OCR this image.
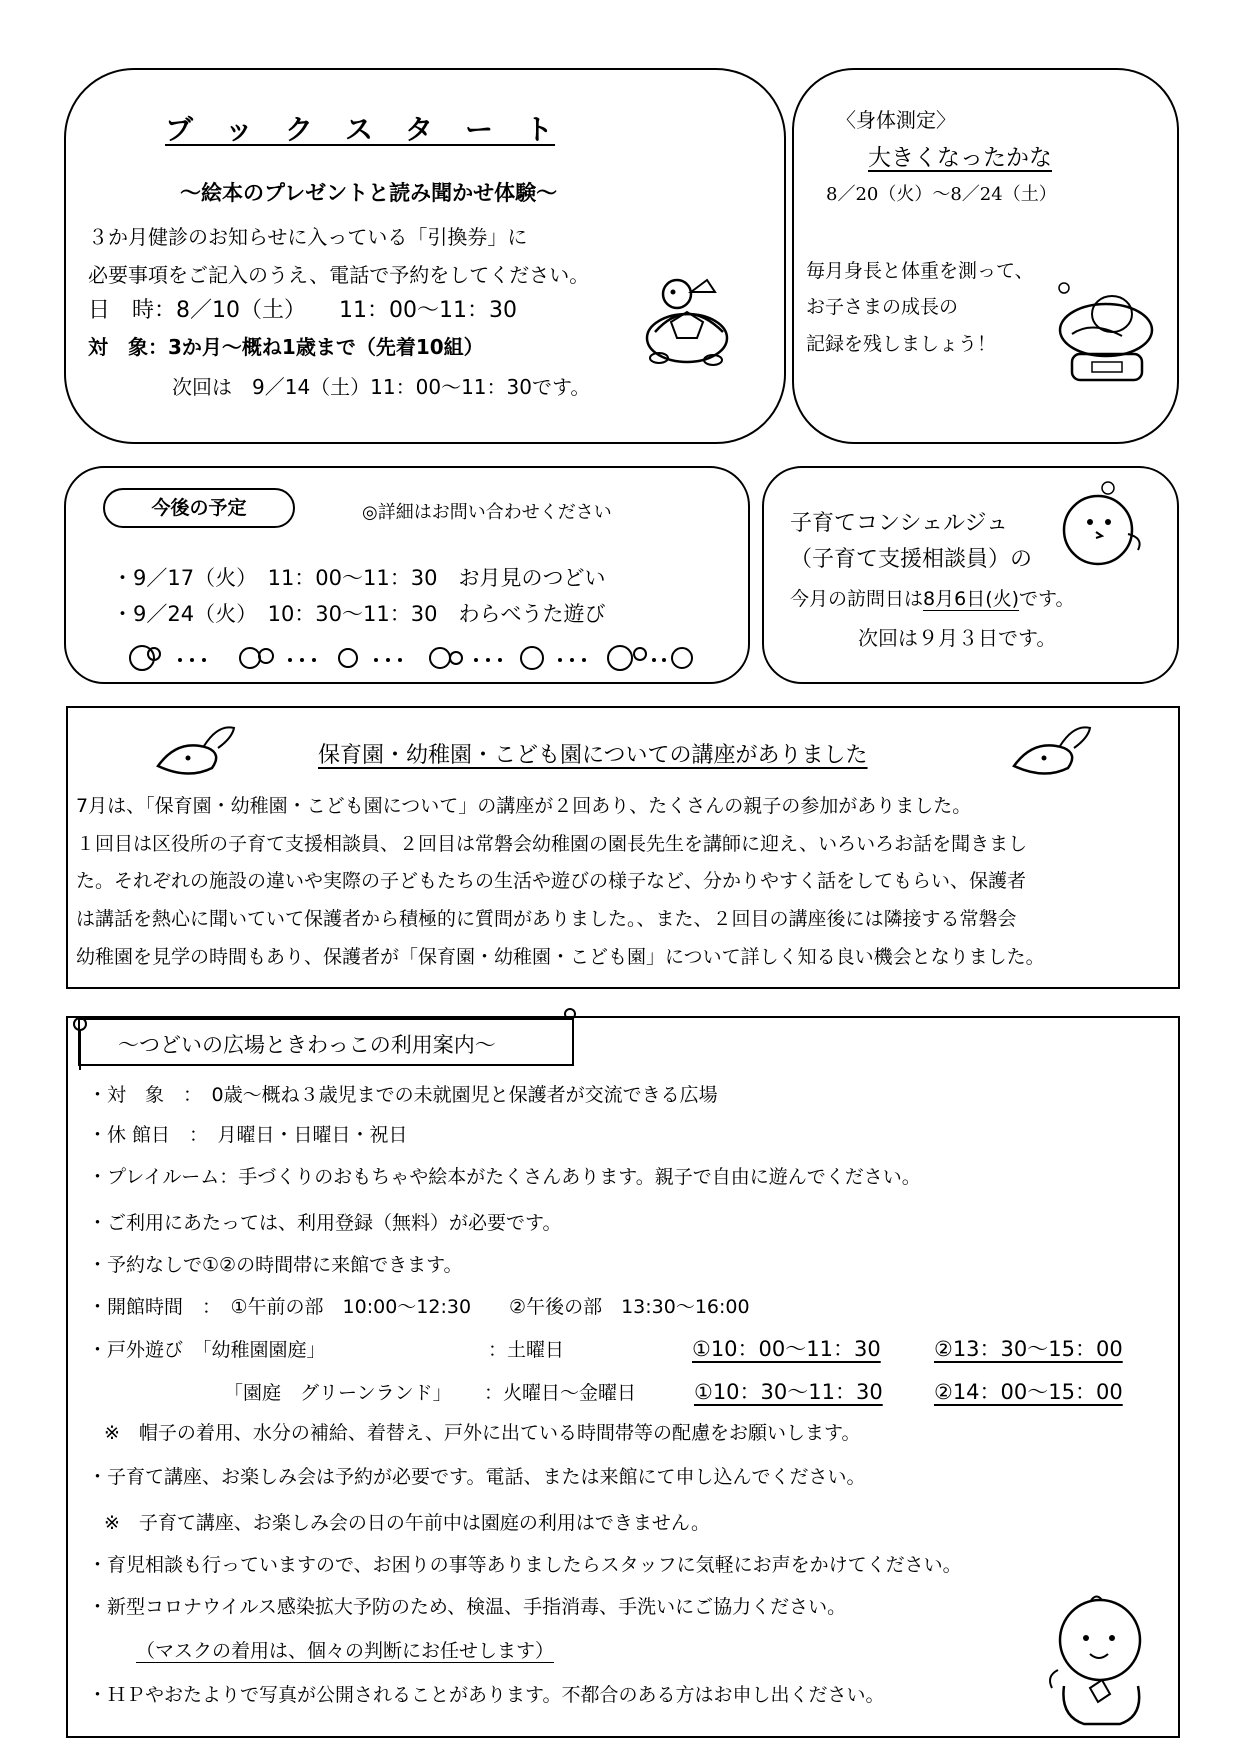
ブ　ッ　ク　ス　タ　ー　ト
～絵本のプレゼントと読み聞かせ体験～
３か月健診のお知らせに入っている「引換券」に
必要事項をご記入のうえ、電話で予約をしてください。
日　時：8／10（土）　　11：00～11：30
対　象：3か月～概ね1歳まで（先着10組）
次回は　9／14（土）11：00～11：30です。
〈身体測定〉
大きくなったかな
8／20（火）～8／24（土）
毎月身長と体重を測って、
お子さまの成長の
記録を残しましょう！
今後の予定	◎詳細はお問い合わせください
・9／17（火）　11：00～11：30　お月見のつどい
・9／24（火）　10：30～11：30　わらべうた遊び
子育てコンシェルジュ
（子育て支援相談員）の
今月の訪問日は8月6日(火)です。
次回は９月３日です。
保育園・幼稚園・こども園についての講座がありました
7月は、「保育園・幼稚園・こども園について」の講座が２回あり、たくさんの親子の参加がありました。
１回目は区役所の子育て支援相談員、２回目は常磐会幼稚園の園長先生を講師に迎え、いろいろお話を聞きまし
た。それぞれの施設の違いや実際の子どもたちの生活や遊びの様子など、分かりやすく話をしてもらい、保護者
は講話を熱心に聞いていて保護者から積極的に質問がありました。、また、２回目の講座後には隣接する常磐会
幼稚園を見学の時間もあり、保護者が「保育園・幼稚園・こども園」について詳しく知る良い機会となりました。
～つどいの広場ときわっこの利用案内～
・対　象　：　0歳～概ね３歳児までの未就園児と保護者が交流できる広場
・休 館日　：　月曜日・日曜日・祝日
・プレイルーム：手づくりのおもちゃや絵本がたくさんあります。親子で自由に遊んでください。
・ご利用にあたっては、利用登録（無料）が必要です。
・予約なしで①②の時間帯に来館できます。
・開館時間　：　①午前の部　10:00～12:30　　②午後の部　13:30～16:00
・戸外遊び　「幼稚園園庭」	：土曜日	①10：00～11：30	②13：30～15：00
「園庭　グリーンランド」 ：火曜日～金曜日	①10：30～11：30 ②14：00～15：00
※　帽子の着用、水分の補給、着替え、戸外に出ている時間帯等の配慮をお願いします。
・子育て講座、お楽しみ会は予約が必要です。電話、または来館にて申し込んでください。
※　子育て講座、お楽しみ会の日の午前中は園庭の利用はできません。
・育児相談も行っていますので、お困りの事等ありましたらスタッフに気軽にお声をかけてください。
・新型コロナウイルス感染拡大予防のため、検温、手指消毒、手洗いにご協力ください。
（マスクの着用は、個々の判断にお任せします）
・ＨＰやおたよりで写真が公開されることがあります。不都合のある方はお申し出ください。
